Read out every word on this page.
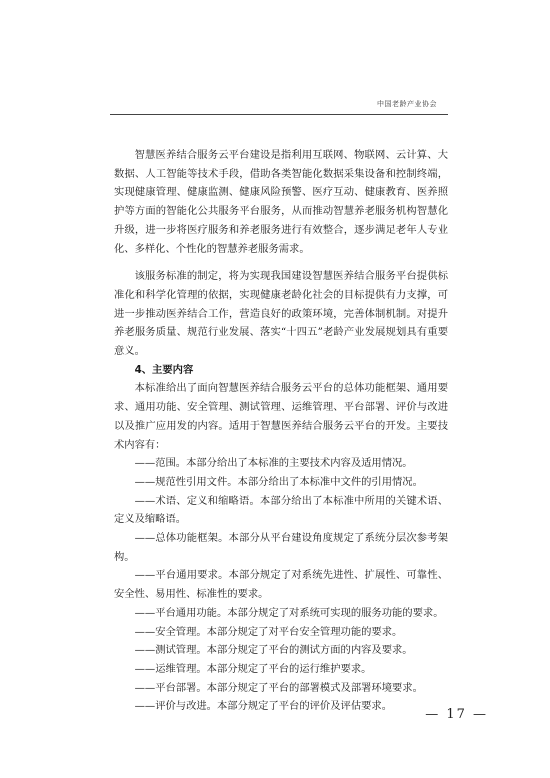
中国老龄产业协会

智慧医养结合服务云平台建设是指利用互联网、物联网、云计算、大数据、人工智能等技术手段，借助各类智能化数据采集设备和控制终端，实现健康管理、健康监测、健康风险预警、医疗互动、健康教育、医养照护等方面的智能化公共服务平台服务，从而推动智慧养老服务机构智慧化升级，进一步将医疗服务和养老服务进行有效整合，逐步满足老年人专业化、多样化、个性化的智慧养老服务需求。

该服务标准的制定，将为实现我国建设智慧医养结合服务平台提供标准化和科学化管理的依据，实现健康老龄化社会的目标提供有力支撑，可进一步推动医养结合工作，营造良好的政策环境，完善体制机制。对提升养老服务质量、规范行业发展、落实“十四五”老龄产业发展规划具有重要意义。

4、主要内容

本标准给出了面向智慧医养结合服务云平台的总体功能框架、通用要求、通用功能、安全管理、测试管理、运维管理、平台部署、评价与改进以及推广应用发的内容。适用于智慧医养结合服务云平台的开发。主要技术内容有：

——范围。本部分给出了本标准的主要技术内容及适用情况。

——规范性引用文件。本部分给出了本标准中文件的引用情况。

——术语、定义和缩略语。本部分给出了本标准中所用的关键术语、定义及缩略语。

——总体功能框架。本部分从平台建设角度规定了系统分层次参考架构。

——平台通用要求。本部分规定了对系统先进性、扩展性、可靠性、安全性、易用性、标准性的要求。

——平台通用功能。本部分规定了对系统可实现的服务功能的要求。

——安全管理。本部分规定了对平台安全管理功能的要求。

——测试管理。本部分规定了平台的测试方面的内容及要求。

——运维管理。本部分规定了平台的运行维护要求。

——平台部署。本部分规定了平台的部署模式及部署环境要求。

——评价与改进。本部分规定了平台的评价及评估要求。

— 17 —
